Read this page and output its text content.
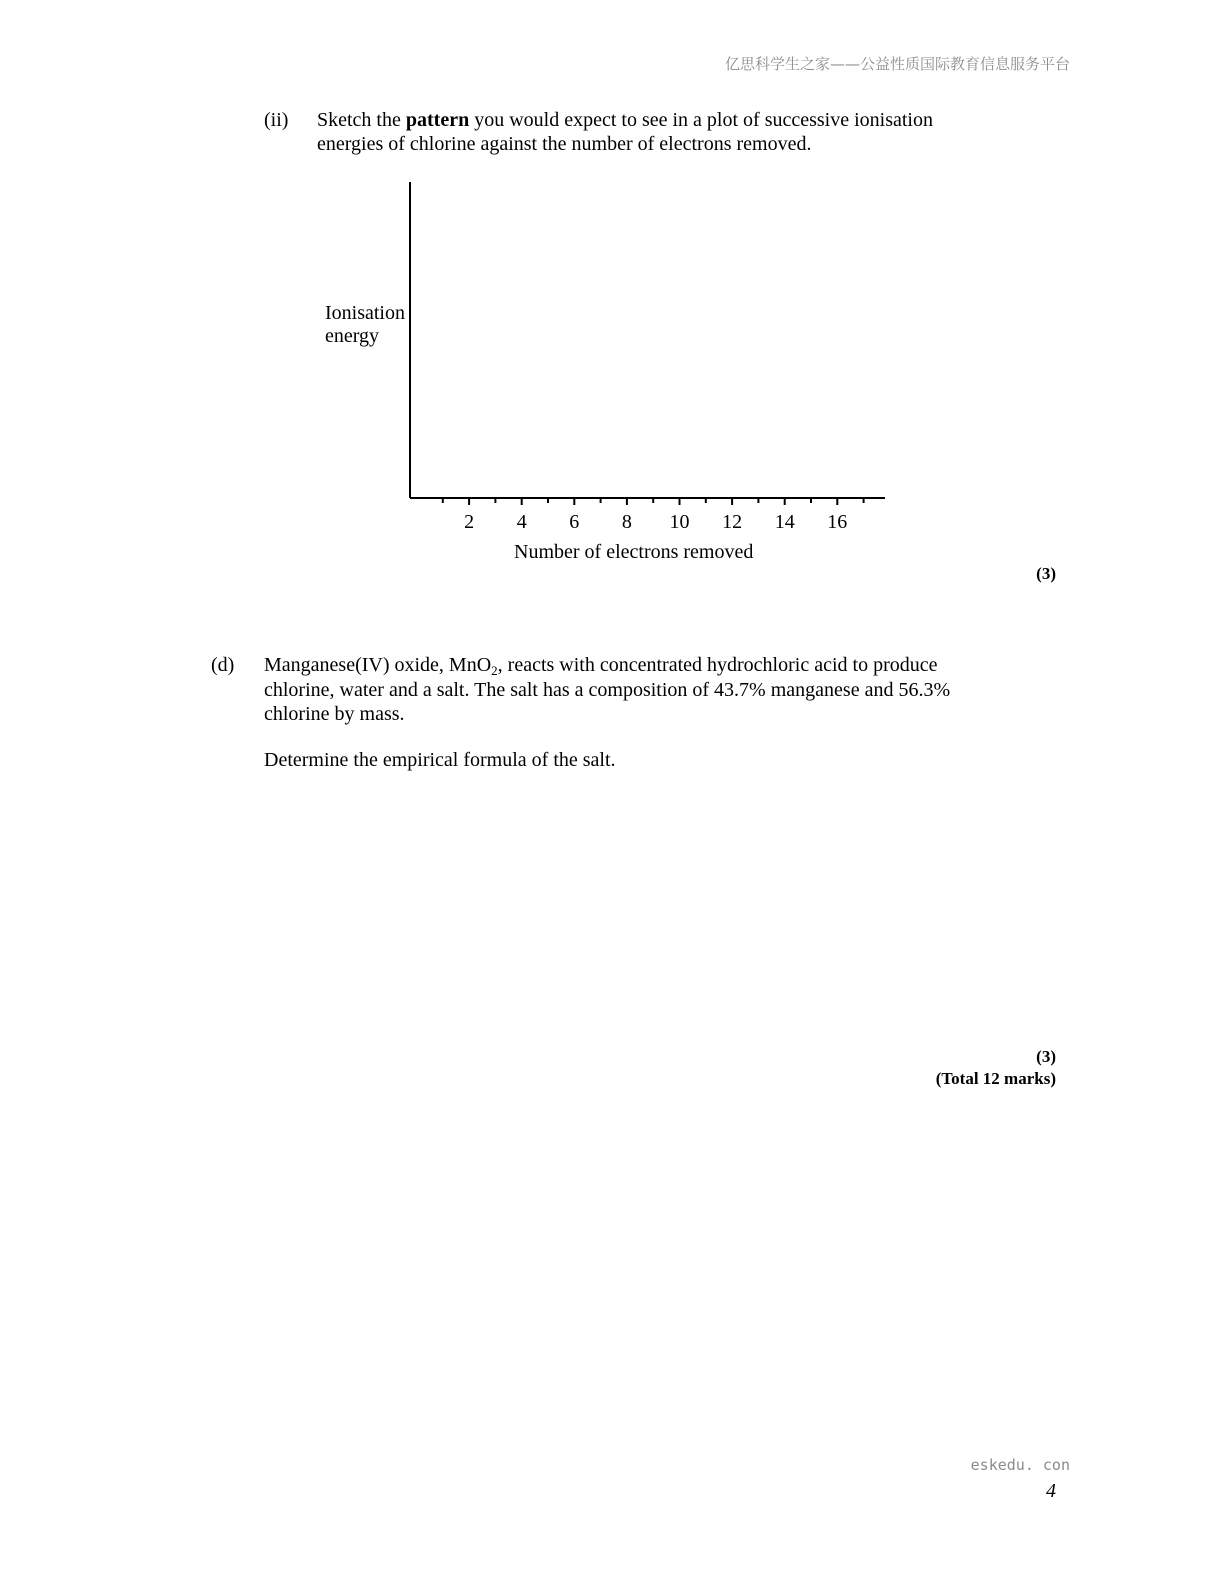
亿思科学生之家——公益性质国际教育信息服务平台
(ii) Sketch the pattern you would expect to see in a plot of successive ionisation
energies of chlorine against the number of electrons removed.
2 4 6 8 10 12 14 16
Ionisation
energy
Number of electrons removed
(3)
(d) Manganese(IV) oxide, MnO$_2$, reacts with concentrated hydrochloric acid to produce
chlorine, water and a salt. The salt has a composition of 43.7% manganese and 56.3%
chlorine by mass.
Determine the empirical formula of the salt.
(3)
(Total 12 marks)
eskedu. con
4
